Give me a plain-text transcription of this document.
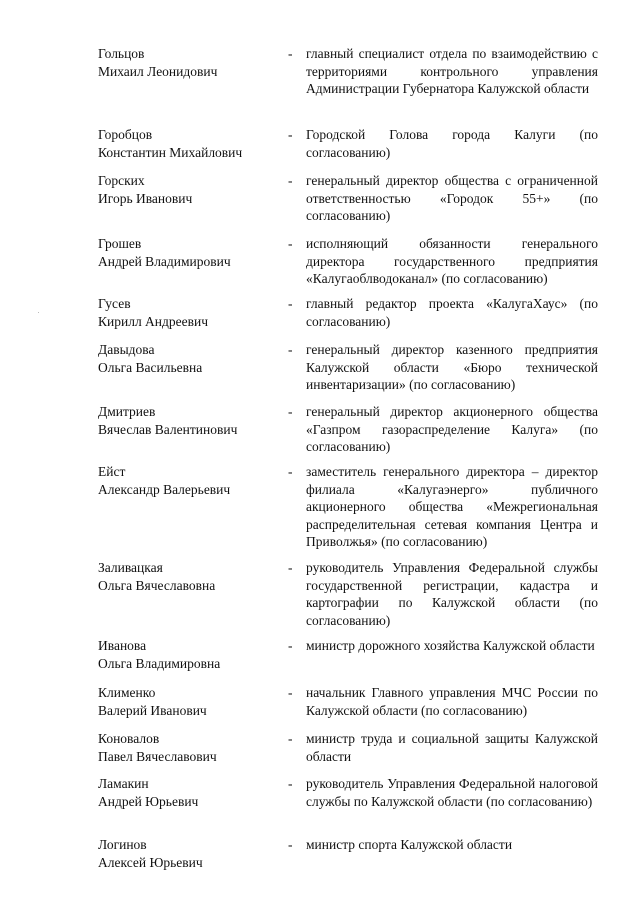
Гольцов
Михаил Леонидович
- главный специалист отдела по взаимодействию с территориями контрольного управления Администрации Губернатора Калужской области
Горобцов
Константин Михайлович
- Городской Голова города Калуги (по согласованию)
Горских
Игорь Иванович
- генеральный директор общества с ограниченной ответственностью «Городок 55+» (по согласованию)
Грошев
Андрей Владимирович
- исполняющий обязанности генерального директора государственного предприятия «Калугаоблводоканал» (по согласованию)
Гусев
Кирилл Андреевич
- главный редактор проекта «КалугаХаус» (по согласованию)
Давыдова
Ольга Васильевна
- генеральный директор казенного предприятия Калужской области «Бюро технической инвентаризации» (по согласованию)
Дмитриев
Вячеслав Валентинович
- генеральный директор акционерного общества «Газпром газораспределение Калуга» (по согласованию)
Ейст
Александр Валерьевич
- заместитель генерального директора – директор филиала «Калугаэнерго» публичного акционерного общества «Межрегиональная распределительная сетевая компания Центра и Приволжья» (по согласованию)
Заливацкая
Ольга Вячеславовна
- руководитель Управления Федеральной службы государственной регистрации, кадастра и картографии по Калужской области (по согласованию)
Иванова
Ольга Владимировна
- министр дорожного хозяйства Калужской области
Клименко
Валерий Иванович
- начальник Главного управления МЧС России по Калужской области (по согласованию)
Коновалов
Павел Вячеславович
- министр труда и социальной защиты Калужской области
Ламакин
Андрей Юрьевич
- руководитель Управления Федеральной налоговой службы по Калужской области (по согласованию)
Логинов
Алексей Юрьевич
- министр спорта Калужской области
